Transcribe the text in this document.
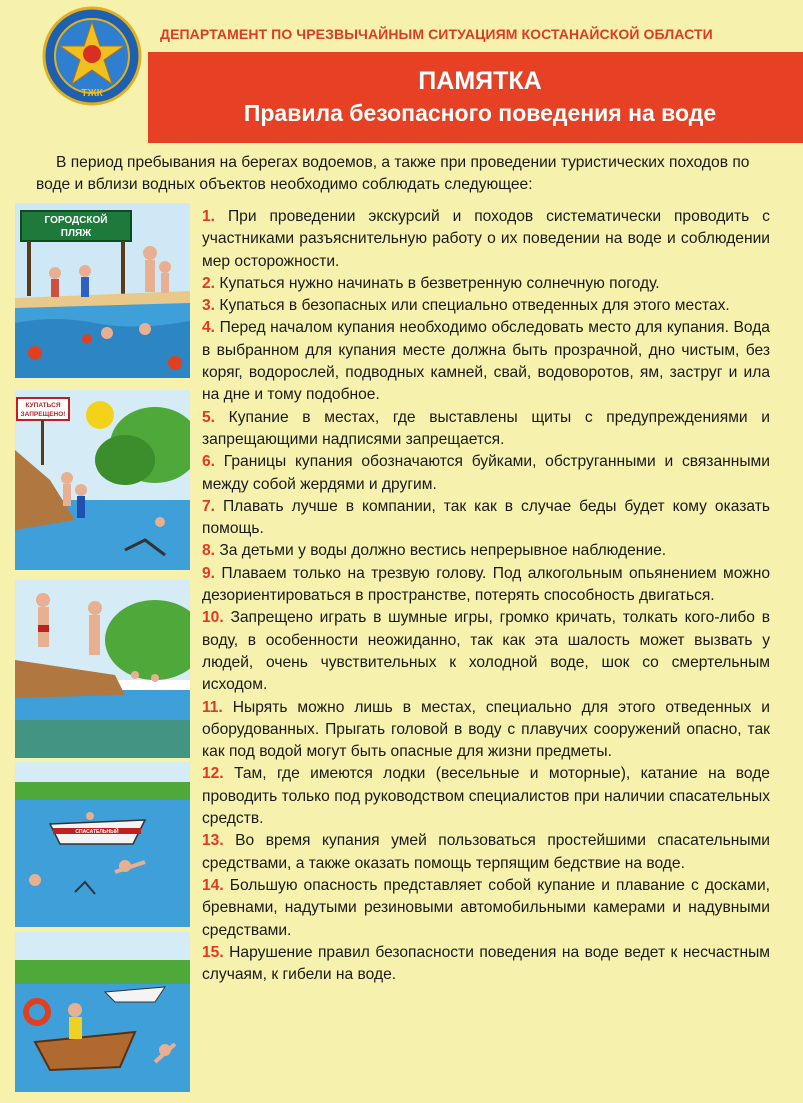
ТЖК
ДЕПАРТАМЕНТ ПО ЧРЕЗВЫЧАЙНЫМ СИТУАЦИЯМ КОСТАНАЙСКОЙ ОБЛАСТИ
ПАМЯТКА
Правила безопасного поведения на воде
В период пребывания на берегах водоемов, а также при проведении туристических походов по воде и вблизи водных объектов необходимо соблюдать следующее:
ГОРОДСКОЙ
ПЛЯЖ
КУПАТЬСЯ
ЗАПРЕЩЕНО!
СПАСАТЕЛЬНЫЙ

1. При проведении экскурсий и походов систематически проводить с участниками разъяснительную работу о их поведении на воде и соблюдении мер осторожности.

2. Купаться нужно начинать в безветренную солнечную погоду.

3. Купаться в безопасных или специально отведенных для этого местах.

4. Перед началом купания необходимо обследовать место для купания. Вода в выбранном для купания месте должна быть прозрачной, дно чистым, без коряг, водорослей, подводных камней, свай, водоворотов, ям, заструг и ила на дне и тому подобное.

5. Купание в местах, где выставлены щиты с предупреждениями и запрещающими надписями запрещается.

6. Границы купания обозначаются буйками, обструганными и связанными между собой жердями и другим.

7. Плавать лучше в компании, так как в случае беды будет кому оказать помощь.

8. За детьми у воды должно вестись непрерывное наблюдение.

9. Плаваем только на трезвую голову. Под алкогольным опьянением можно дезориентироваться в пространстве, потерять способность двигаться.

10. Запрещено играть в шумные игры, громко кричать, толкать кого-либо в воду, в особенности неожиданно, так как эта шалость может вызвать у людей, очень чувствительных к холодной воде, шок со смертельным исходом.

11. Нырять можно лишь в местах, специально для этого отведенных и оборудованных. Прыгать головой в воду с плавучих сооружений опасно, так как под водой могут быть опасные для жизни предметы.

12. Там, где имеются лодки (весельные и моторные), катание на воде проводить только под руководством специалистов при наличии спасательных средств.

13. Во время купания умей пользоваться простейшими спасательными средствами, а также оказать помощь терпящим бедствие на воде.

14. Большую опасность представляет собой купание и плавание с досками, бревнами, надутыми резиновыми автомобильными камерами и надувными средствами.

15. Нарушение правил безопасности поведения на воде ведет к несчастным случаям, к гибели на воде.
